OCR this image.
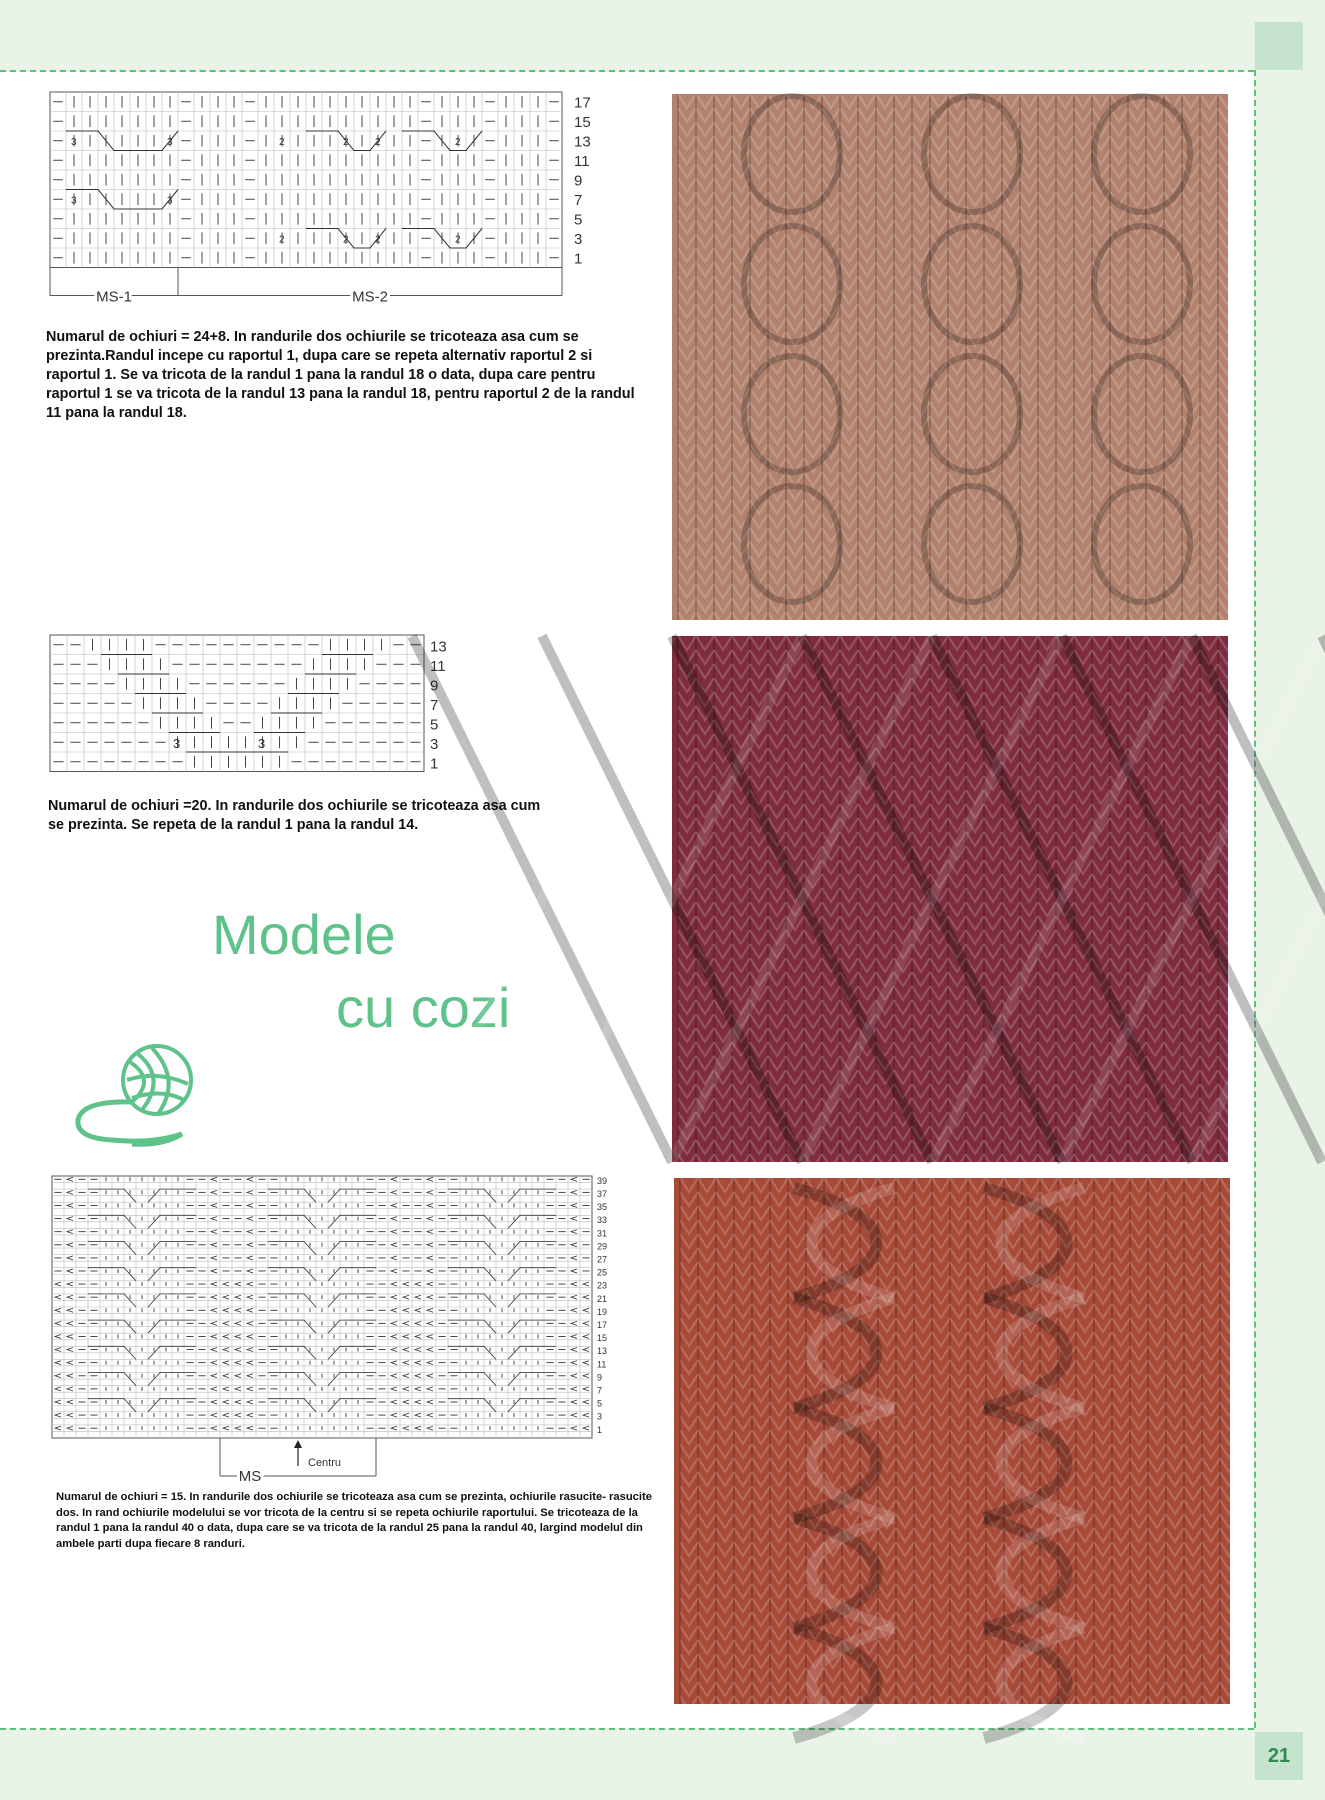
21
3	3	2	2	2	2
3	3
2	2	2	2
17
15
13
11
9
7
5
3
1
MS-1	MS-2
Numarul de ochiuri = 24+8. In randurile dos ochiurile se tricoteaza asa cum se prezinta.Randul incepe cu raportul 1, dupa care se repeta alternativ raportul 2 si raportul 1. Se va tricota de la randul 1 pana la randul 18 o data, dupa care pentru raportul 1 se va tricota de la randul 13 pana la randul 18, pentru raportul 2 de la randul 11 pana la randul 18.
3	3
13
11
9
7
5
3
1
Numarul de ochiuri =20. In randurile dos ochiurile se tricoteaza asa cum se prezinta. Se repeta de la randul 1 pana la randul 14.
Modele
cu cozi
39
37
35
33
31
29
27
25
23
21
19
17
15
13
11
9
7
5
3
1
MS
Centru
Numarul de ochiuri = 15. In randurile dos ochiurile se tricoteaza asa cum se prezinta, ochiurile rasucite- rasucite dos. In rand ochiurile modelului se vor tricota de la centru si se repeta ochiurile raportului. Se tricoteaza de la randul 1 pana la randul 40 o data, dupa care se va tricota de la randul 25 pana la randul 40, largind modelul din ambele parti dupa fiecare 8 randuri.
